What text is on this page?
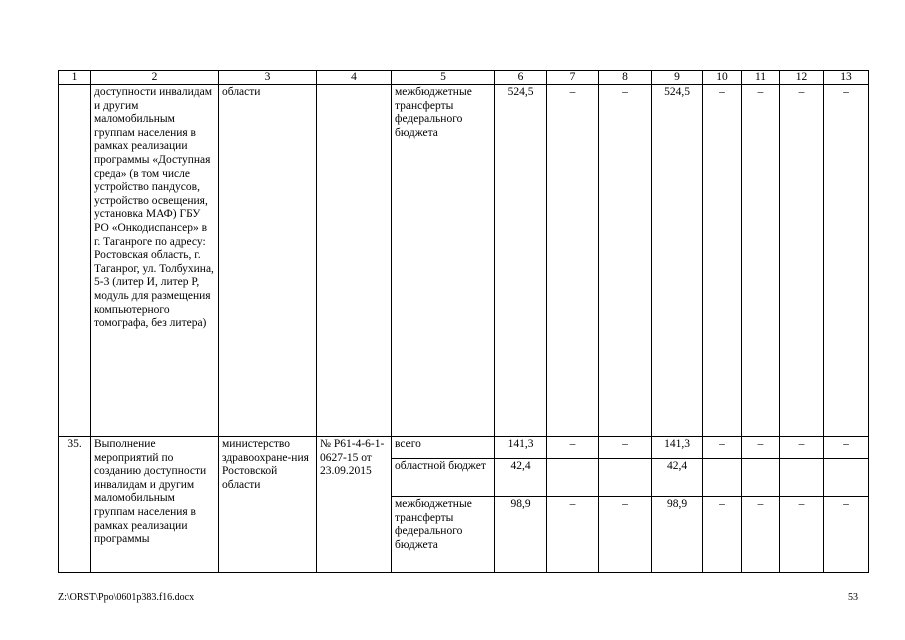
1	2	3	4	5	6	7	8	9	10	11	12	13
	доступности инвалидам и другим маломобильным группам населения в рамках реализации программы «Доступная среда» (в том числе устройство пандусов, устройство освещения, установка МАФ) ГБУ РО «Онкодиспансер» в г. Таганроге по адресу: Ростовская область, г. Таганрог, ул. Толбухина, 5-3 (литер И, литер Р, модуль для размещения компьютерного томографа, без литера)	области		межбюджетные трансферты федерального бюджета	524,5	–	–	524,5	–	–	–	–
35.	Выполнение мероприятий по созданию доступности инвалидам и другим маломобильным группам населения в рамках реализации программы	министерство здравоохране-ния Ростовской области	№ Р61-4-6-1-0627-15 от 23.09.2015	всего	141,3	–	–	141,3	–	–	–	–
				областной бюджет	42,4			42,4				
				межбюджетные трансферты федерального бюджета	98,9	–	–	98,9	–	–	–	–
Z:\ORST\Ppo\0601p383.f16.docx	53
